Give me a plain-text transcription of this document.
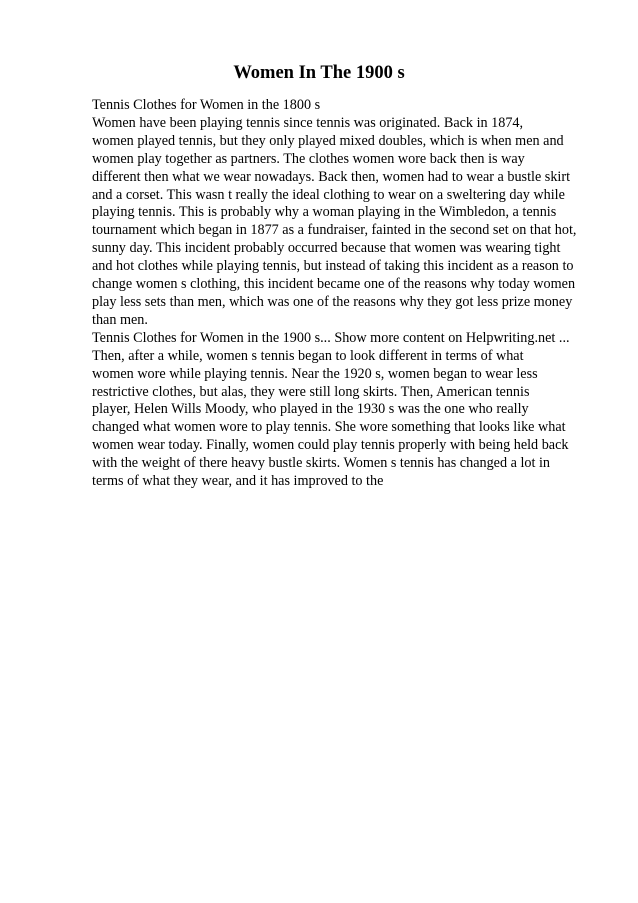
Women In The 1900 s
Tennis Clothes for Women in the 1800 s
Women have been playing tennis since tennis was originated. Back in 1874,
women played tennis, but they only played mixed doubles, which is when men and
women play together as partners. The clothes women wore back then is way
different then what we wear nowadays. Back then, women had to wear a bustle skirt
and a corset. This wasn t really the ideal clothing to wear on a sweltering day while
playing tennis. This is probably why a woman playing in the Wimbledon, a tennis
tournament which began in 1877 as a fundraiser, fainted in the second set on that hot,
sunny day. This incident probably occurred because that women was wearing tight
and hot clothes while playing tennis, but instead of taking this incident as a reason to
change women s clothing, this incident became one of the reasons why today women
play less sets than men, which was one of the reasons why they got less prize money
than men.
Tennis Clothes for Women in the 1900 s... Show more content on Helpwriting.net ...
Then, after a while, women s tennis began to look different in terms of what
women wore while playing tennis. Near the 1920 s, women began to wear less
restrictive clothes, but alas, they were still long skirts. Then, American tennis
player, Helen Wills Moody, who played in the 1930 s was the one who really
changed what women wore to play tennis. She wore something that looks like what
women wear today. Finally, women could play tennis properly with being held back
with the weight of there heavy bustle skirts. Women s tennis has changed a lot in
terms of what they wear, and it has improved to the
